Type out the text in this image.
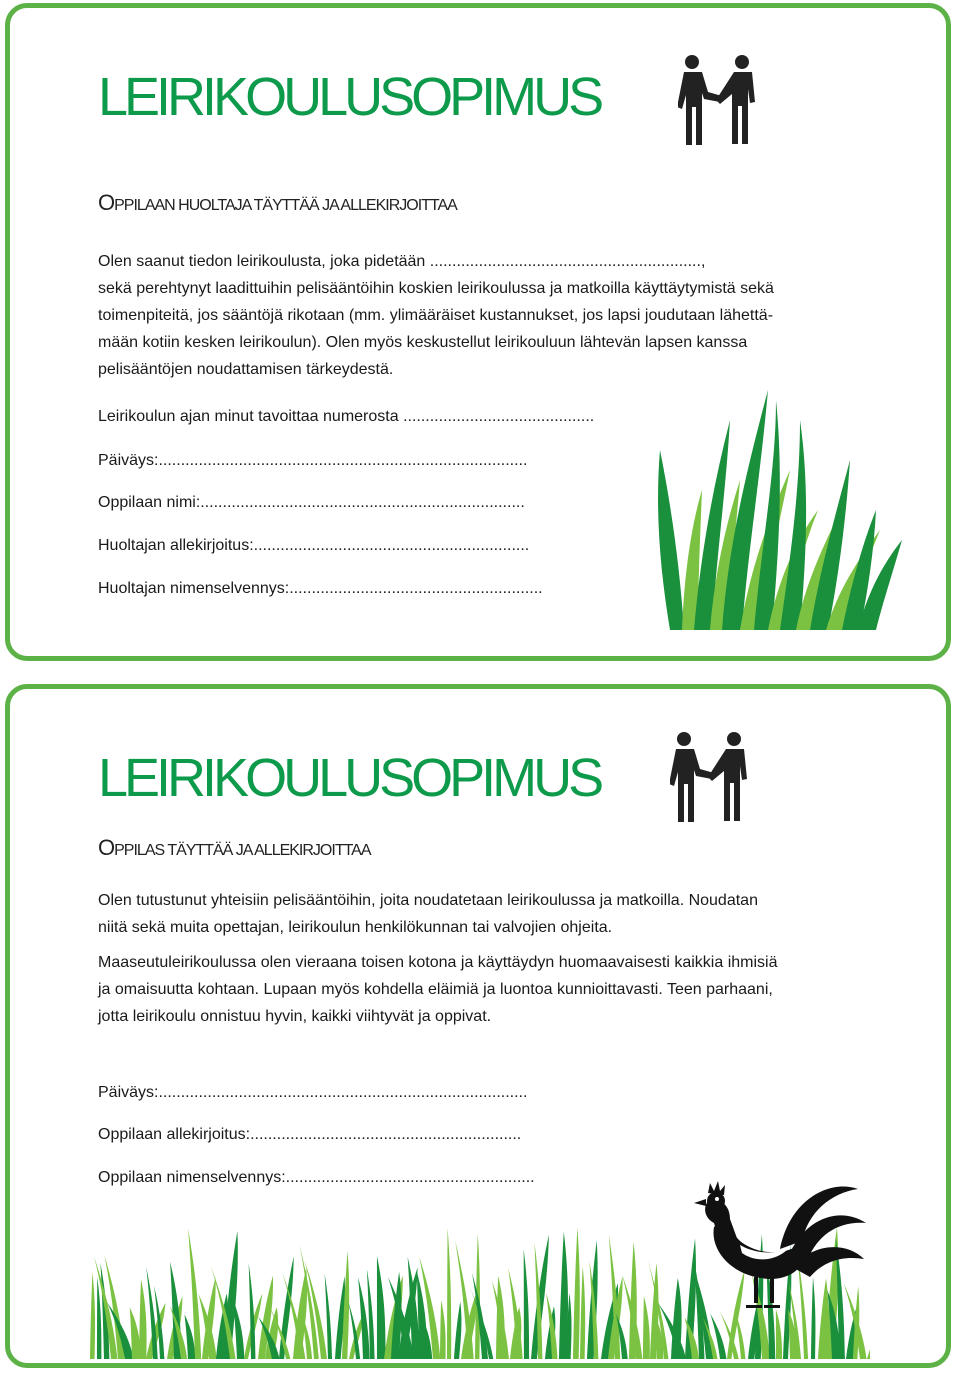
LEIRIKOULUSOPIMUS

OPPILAAN HUOLTAJA TÄYTTÄÄ JA ALLEKIRJOITTAA

Olen saanut tiedon leirikoulusta, joka pidetään .............................................................,
sekä perehtynyt laadittuihin pelisääntöihin koskien leirikoulussa ja matkoilla käyttäytymistä sekä
toimenpiteitä, jos sääntöjä rikotaan (mm. ylimääräiset kustannukset, jos lapsi joudutaan lähettä-
mään kotiin kesken leirikoulun). Olen myös keskustellut leirikouluun lähtevän lapsen kanssa
pelisääntöjen noudattamisen tärkeydestä.

Leirikoulun ajan minut tavoittaa numerosta ...........................................

Päiväys:...................................................................................

Oppilaan nimi:.........................................................................

Huoltajan allekirjoitus:..............................................................

Huoltajan nimenselvennys:.........................................................

LEIRIKOULUSOPIMUS

OPPILAS TÄYTTÄÄ JA ALLEKIRJOITTAA

Olen tutustunut yhteisiin pelisääntöihin, joita noudatetaan leirikoulussa ja matkoilla. Noudatan
niitä sekä muita opettajan, leirikoulun henkilökunnan tai valvojien ohjeita.
Maaseutuleirikoulussa olen vieraana toisen kotona ja käyttäydyn huomaavaisesti kaikkia ihmisiä
ja omaisuutta kohtaan. Lupaan myös kohdella eläimiä ja luontoa kunnioittavasti. Teen parhaani,
jotta leirikoulu onnistuu hyvin, kaikki viihtyvät ja oppivat.

Päiväys:...................................................................................

Oppilaan allekirjoitus:.............................................................

Oppilaan nimenselvennys:........................................................
